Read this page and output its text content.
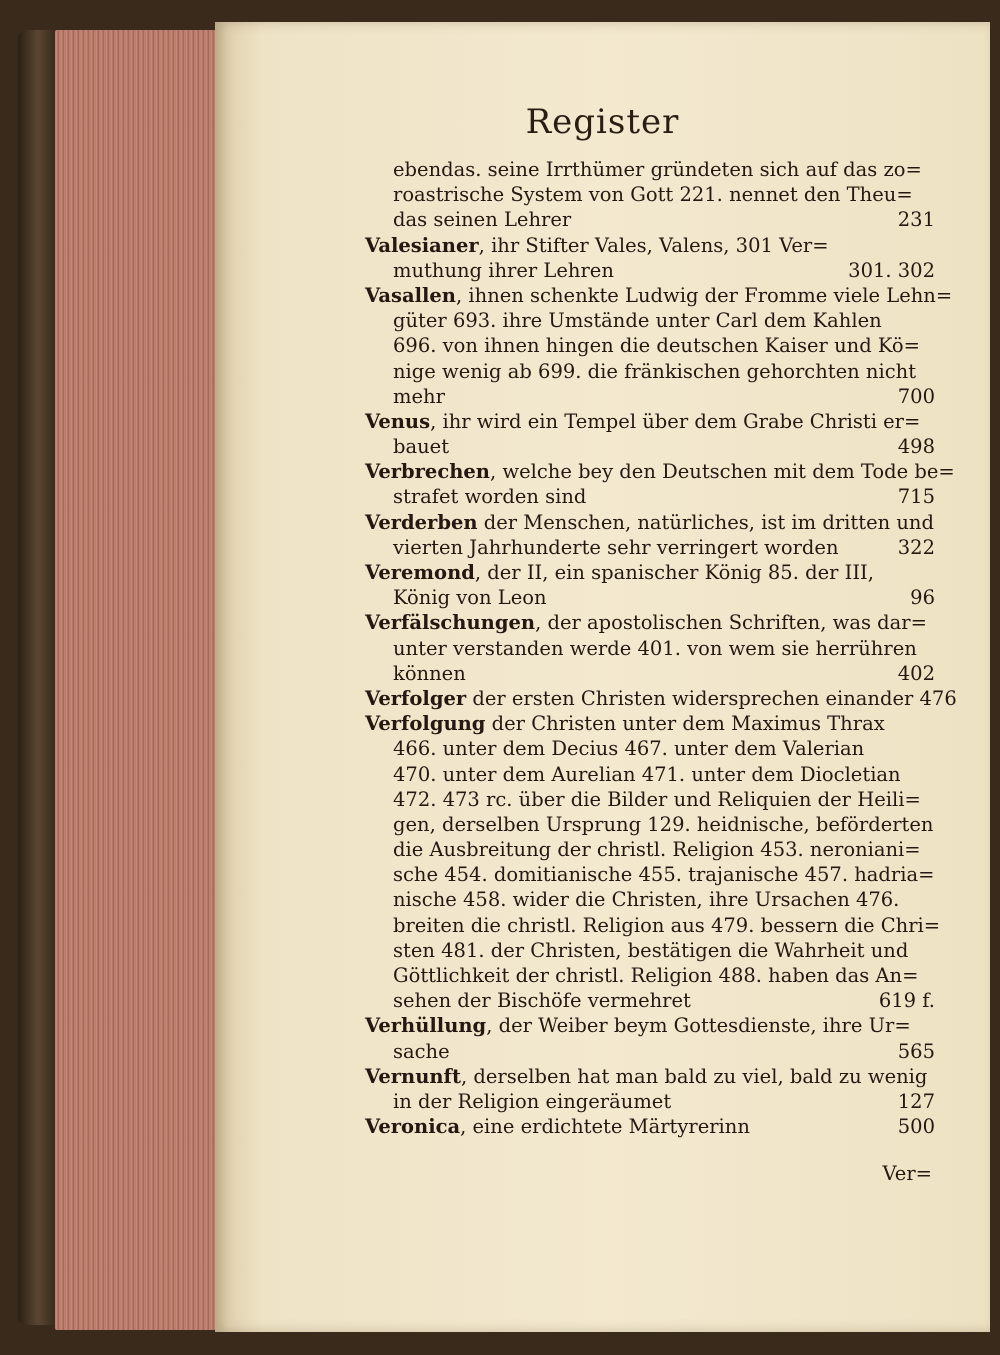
Register
ebendas. seine Irrthümer gründeten sich auf das zo=
roastrische System von Gott 221. nennet den Theu=
das seinen Lehrer	231
Valesianer, ihr Stifter Vales, Valens, 301 Ver=
muthung ihrer Lehren	301. 302
Vasallen, ihnen schenkte Ludwig der Fromme viele Lehn=
güter 693. ihre Umstände unter Carl dem Kahlen
696. von ihnen hingen die deutschen Kaiser und Kö=
nige wenig ab 699. die fränkischen gehorchten nicht
mehr	700
Venus, ihr wird ein Tempel über dem Grabe Christi er=
bauet	498
Verbrechen, welche bey den Deutschen mit dem Tode be=
strafet worden sind	715
Verderben der Menschen, natürliches, ist im dritten und
vierten Jahrhunderte sehr verringert worden	322
Veremond, der II, ein spanischer König 85. der III,
König von Leon	96
Verfälschungen, der apostolischen Schriften, was dar=
unter verstanden werde 401. von wem sie herrühren
können	402
Verfolger der ersten Christen widersprechen einander 476
Verfolgung der Christen unter dem Maximus Thrax
466. unter dem Decius 467. unter dem Valerian
470. unter dem Aurelian 471. unter dem Diocletian
472. 473 rc. über die Bilder und Reliquien der Heili=
gen, derselben Ursprung 129. heidnische, beförderten
die Ausbreitung der christl. Religion 453. neroniani=
sche 454. domitianische 455. trajanische 457. hadria=
nische 458. wider die Christen, ihre Ursachen 476.
breiten die christl. Religion aus 479. bessern die Chri=
sten 481. der Christen, bestätigen die Wahrheit und
Göttlichkeit der christl. Religion 488. haben das An=
sehen der Bischöfe vermehret	619 f.
Verhüllung, der Weiber beym Gottesdienste, ihre Ur=
sache	565
Vernunft, derselben hat man bald zu viel, bald zu wenig
in der Religion eingeräumet	127
Veronica, eine erdichtete Märtyrerinn	500
Ver=
